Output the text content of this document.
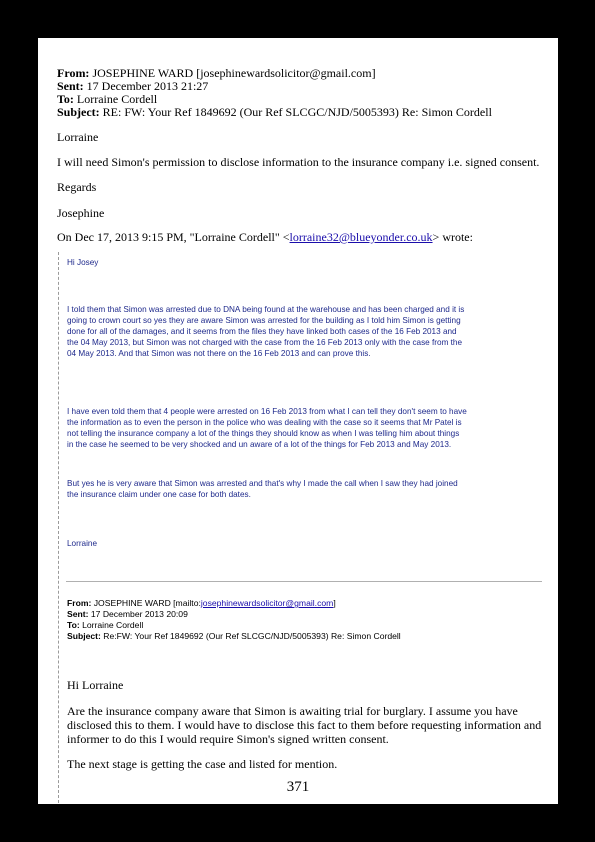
From: JOSEPHINE WARD [josephinewardsolicitor@gmail.com]
Sent: 17 December 2013 21:27
To: Lorraine Cordell
Subject: RE: FW: Your Ref 1849692 (Our Ref SLCGC/NJD/5005393) Re: Simon Cordell
Lorraine
I will need Simon's permission to disclose information to the insurance company i.e. signed consent.
Regards
Josephine
On Dec 17, 2013 9:15 PM, "Lorraine Cordell" <lorraine32@blueyonder.co.uk> wrote:
Hi Josey
I told them that Simon was arrested due to DNA being found at the warehouse and has been charged and it is
going to crown court so yes they are aware Simon was arrested for the building as I told him Simon is getting
done for all of the damages, and it seems from the files they have linked both cases of the 16 Feb 2013 and
the 04 May 2013, but Simon was not charged with the case from the 16 Feb 2013 only with the case from the
04 May 2013. And that Simon was not there on the 16 Feb 2013 and can prove this.
I have even told them that 4 people were arrested on 16 Feb 2013 from what I can tell they don't seem to have
the information as to even the person in the police who was dealing with the case so it seems that Mr Patel is
not telling the insurance company a lot of the things they should know as when I was telling him about things
in the case he seemed to be very shocked and un aware of a lot of the things for Feb 2013 and May 2013.
But yes he is very aware that Simon was arrested and that's why I made the call when I saw they had joined
the insurance claim under one case for both dates.
Lorraine
From: JOSEPHINE WARD [mailto:josephinewardsolicitor@gmail.com]
Sent: 17 December 2013 20:09
To: Lorraine Cordell
Subject: Re:FW: Your Ref 1849692 (Our Ref SLCGC/NJD/5005393) Re: Simon Cordell
Hi Lorraine
Are the insurance company aware that Simon is awaiting trial for burglary. I assume you have
disclosed this to them. I would have to disclose this fact to them before requesting information and
informer to do this I would require Simon's signed written consent.
The next stage is getting the case and listed for mention.
371
